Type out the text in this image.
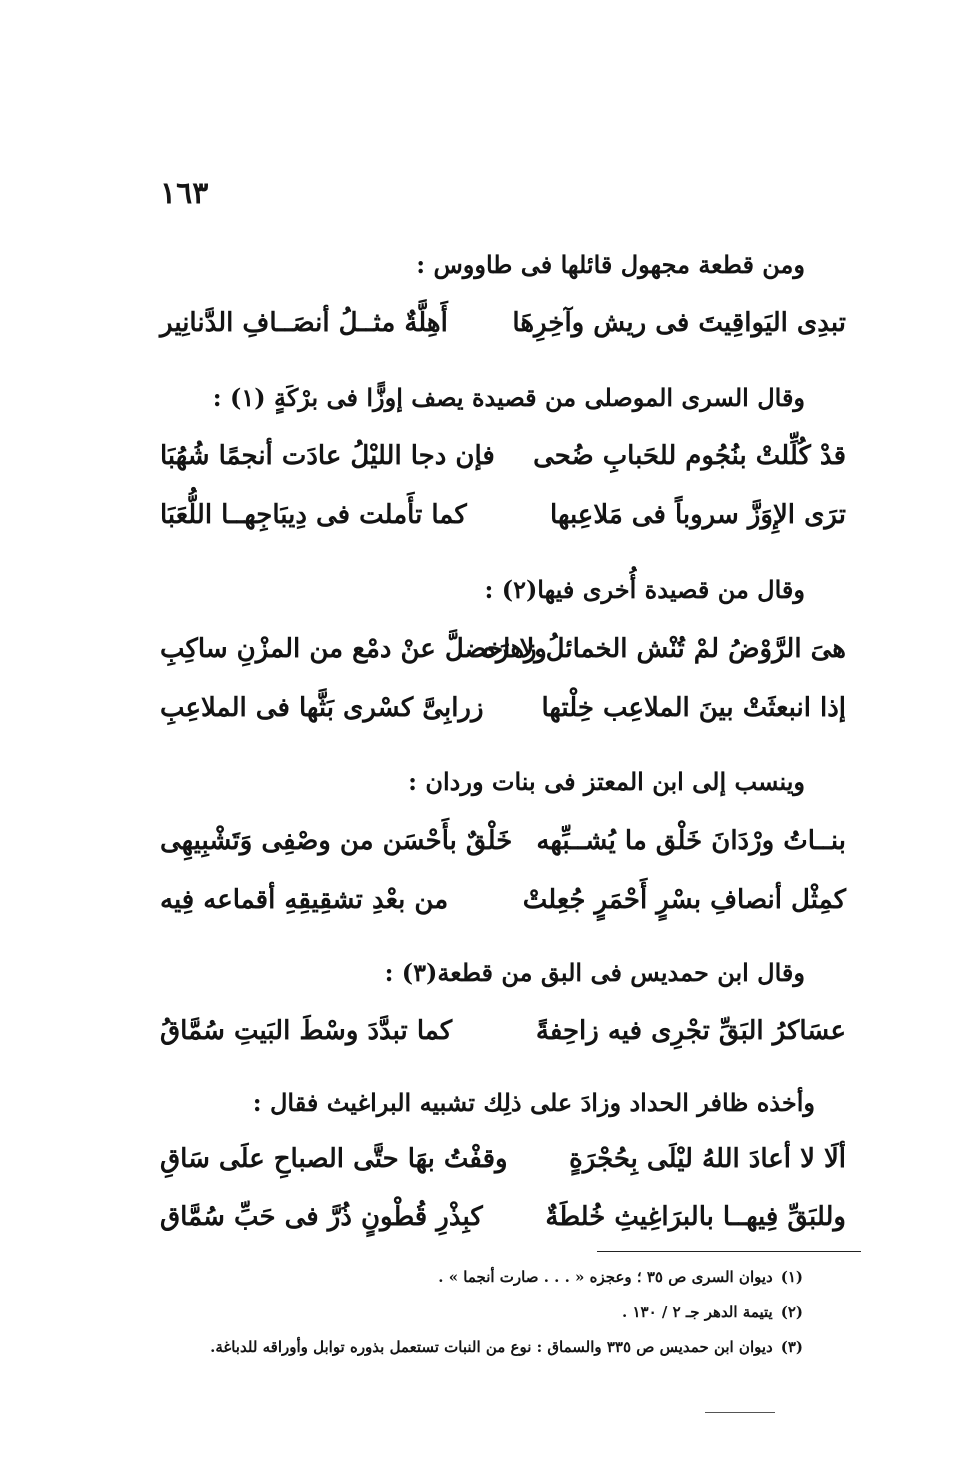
١٦٣
ومن قطعة مجهول قائلها فى طاووس :
تبدِى اليَواقِيتَ فى ريش وآخِرِهَا
أَهِلَّةٌ مثــلُ أنصَــافِ الدَّنانِير
وقال السرى الموصلى من قصيدة يصف إوزًّا فى برْكَةٍ (١) :
قدْ كُلِّلتْ بنُجُوم للحَبابِ ضُحى
فإن دجا الليْلُ عادَت أنجمًا شُهُبَا
ترَى الإِوَزَّ سروباً فى مَلاعِبها
كما تأَملت فى دِيبَاجِهــا اللُّعَبَا
وقال من قصيدة أُخرى فيها(٢) :
هىَ الرَّوْضُ لمْ تُنْش الخمائلُ زهرَه
ولا اخضلَّ عنْ دمْع من المزْنِ ساكِبِ
إذا انبعثَتْ بينَ الملاعِب خِلْتها
زرابِىَّ كسْرى بَثَّها فى الملاعِبِ
وينسب إلى ابن المعتز فى بنات وردان :
بنــاتُ ورْدَانَ خَلْق ما يُشــبِّهه
خَلْقٌ بأَحْسَن من وصْفِى وَتَشْبِيهِى
كمِثْل أنصافِ بسْرٍ أَحْمَرٍ جُعِلتْ
من بعْدِ تشقِيقِهِ أقماعه فِيه
وقال ابن حمديس فى البق من قطعة(٣) :
عسَاكرُ البَقِّ تجْرِى فيه زاحِفةً
كما تبدَّدَ وسْطَ البَيتِ سُمَّاقُ
وأخذه ظافر الحداد وزادَ على ذلِك تشبيه البراغيث فقال :
ألَا لا أعادَ اللهُ ليْلَى بِحُجْرَةٍ
وقفْتُ بهَا حتَّى الصباحِ علَى سَاقِ
وللبَقِّ فِيهــا بالبرَاغِيثِ خُلطَةٌ
كبِذْرِ قُطْونٍ ذُرَّ فى حَبِّ سُمَّاق
(١)ديوان السرى ص ٣٥ ؛ وعجزه « . . . صارت أنجما » .
(٢)يتيمة الدهر جـ ٢ / ١٣٠ .
(٣)ديوان ابن حمديس ص ٣٣٥ والسماق : نوع من النبات تستعمل بذوره توابل وأوراقه للدباغة.
